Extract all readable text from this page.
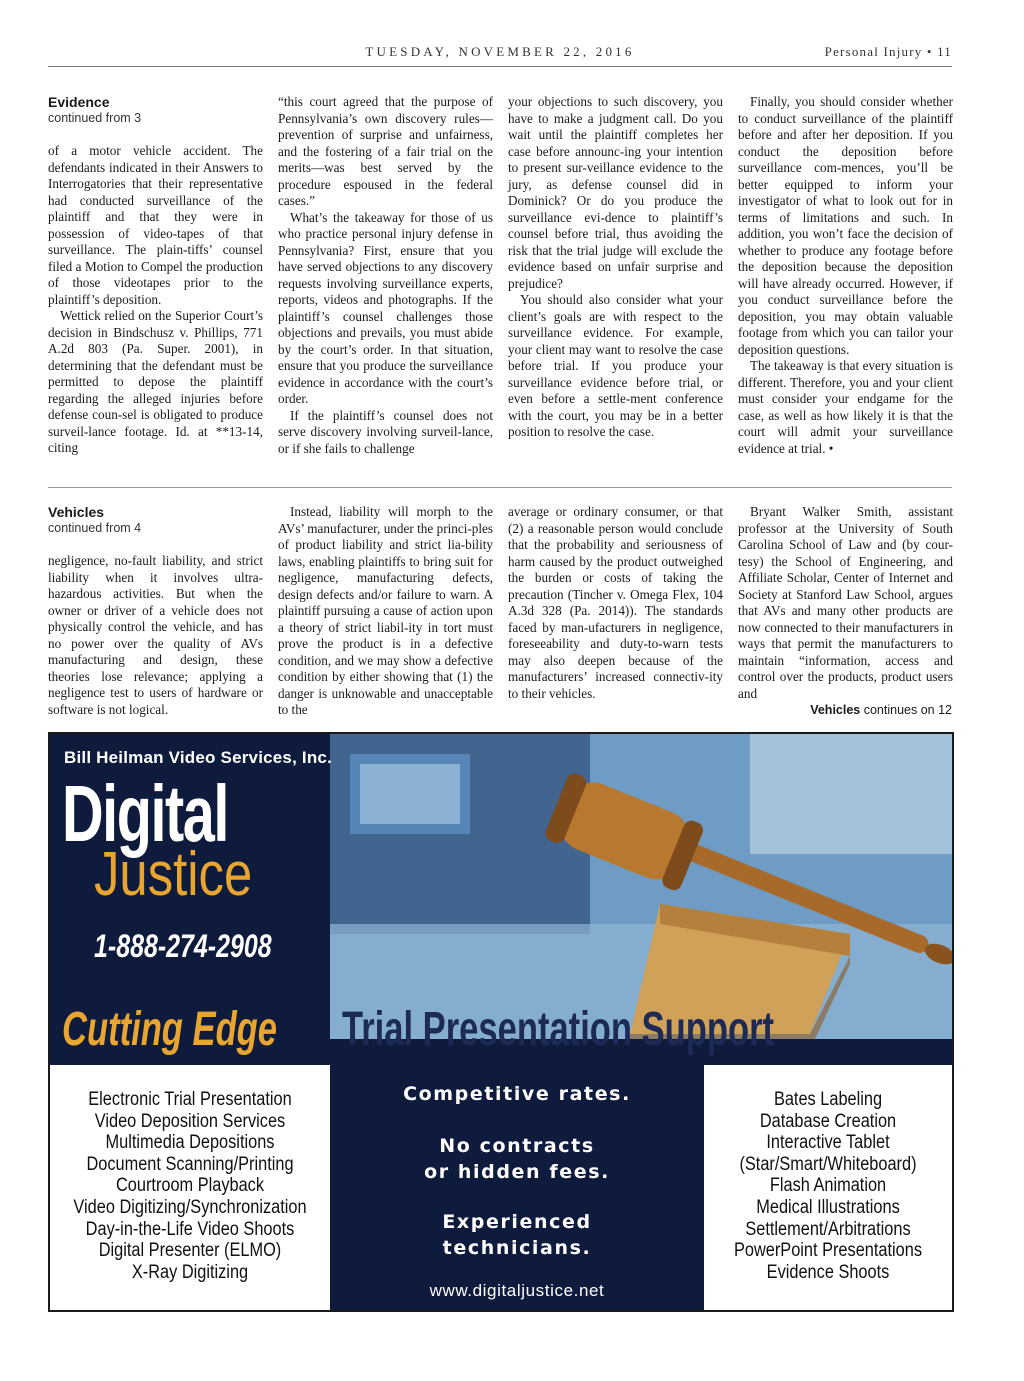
TUESDAY, NOVEMBER 22, 2016	Personal Injury • 11

Evidence

continued from 3

of a motor vehicle accident. The defendants indicated in their Answers to Interrogatories that their representative had conducted surveillance of the plaintiff and that they were in possession of video-tapes of that surveillance. The plain-tiffs’ counsel filed a Motion to Compel the production of those videotapes prior to the plaintiff’s deposition.

Wettick relied on the Superior Court’s decision in Bindschusz v. Phillips, 771 A.2d 803 (Pa. Super. 2001), in determining that the defendant must be permitted to depose the plaintiff regarding the alleged injuries before defense coun-sel is obligated to produce surveil-lance footage. Id. at **13-14, citing

“this court agreed that the purpose of Pennsylvania’s own discovery rules—prevention of surprise and unfairness, and the fostering of a fair trial on the merits—was best served by the procedure espoused in the federal cases.”

What’s the takeaway for those of us who practice personal injury defense in Pennsylvania? First, ensure that you have served objections to any discovery requests involving surveillance experts, reports, videos and photographs. If the plaintiff’s counsel challenges those objections and prevails, you must abide by the court’s order. In that situation, ensure that you produce the surveillance evidence in accordance with the court’s order.

If the plaintiff’s counsel does not serve discovery involving surveil-lance, or if she fails to challenge

your objections to such discovery, you have to make a judgment call. Do you wait until the plaintiff completes her case before announc-ing your intention to present sur-veillance evidence to the jury, as defense counsel did in Dominick? Or do you produce the surveillance evi-dence to plaintiff’s counsel before trial, thus avoiding the risk that the trial judge will exclude the evidence based on unfair surprise and prejudice?

You should also consider what your client’s goals are with respect to the surveillance evidence. For example, your client may want to resolve the case before trial. If you produce your surveillance evidence before trial, or even before a settle-ment conference with the court, you may be in a better position to resolve the case.

Finally, you should consider whether to conduct surveillance of the plaintiff before and after her deposition. If you conduct the deposition before surveillance com-mences, you’ll be better equipped to inform your investigator of what to look out for in terms of limitations and such. In addition, you won’t face the decision of whether to produce any footage before the deposition because the deposition will have already occurred. However, if you conduct surveillance before the deposition, you may obtain valuable footage from which you can tailor your deposition questions.

The takeaway is that every situation is different. Therefore, you and your client must consider your endgame for the case, as well as how likely it is that the court will admit your surveillance evidence at trial. •

Vehicles

continued from 4

negligence, no-fault liability, and strict liability when it involves ultra-hazardous activities. But when the owner or driver of a vehicle does not physically control the vehicle, and has no power over the quality of AVs manufacturing and design, these theories lose relevance; applying a negligence test to users of hardware or software is not logical.

Instead, liability will morph to the AVs’ manufacturer, under the princi-ples of product liability and strict lia-bility laws, enabling plaintiffs to bring suit for negligence, manufacturing defects, design defects and/or failure to warn. A plaintiff pursuing a cause of action upon a theory of strict liabil-ity in tort must prove the product is in a defective condition, and we may show a defective condition by either showing that (1) the danger is unknowable and unacceptable to the

average or ordinary consumer, or that (2) a reasonable person would conclude that the probability and seriousness of harm caused by the product outweighed the burden or costs of taking the precaution (Tincher v. Omega Flex, 104 A.3d 328 (Pa. 2014)). The standards faced by man-ufacturers in negligence, foreseeability and duty-to-warn tests may also deepen because of the manufacturers’ increased connectiv-ity to their vehicles.

Bryant Walker Smith, assistant professor at the University of South Carolina School of Law and (by cour-tesy) the School of Engineering, and Affiliate Scholar, Center of Internet and Society at Stanford Law School, argues that AVs and many other products are now connected to their manufacturers in ways that permit the manufacturers to maintain “information, access and control over the products, product users and

Vehicles continues on 12
Bill Heilman Video Services, Inc.
Digital
Justice
1-888-274-2908
Cutting Edge Trial Presentation Support
Electronic Trial Presentation
Video Deposition Services
Multimedia Depositions
Document Scanning/Printing
Courtroom Playback
Video Digitizing/Synchronization
Day-in-the-Life Video Shoots
Digital Presenter (ELMO)
X-Ray Digitizing
Competitive rates.
No contracts
or hidden fees.
Experienced
technicians.
www.digitaljustice.net
Bates Labeling
Database Creation
Interactive Tablet
(Star/Smart/Whiteboard)
Flash Animation
Medical Illustrations
Settlement/Arbitrations
PowerPoint Presentations
Evidence Shoots
